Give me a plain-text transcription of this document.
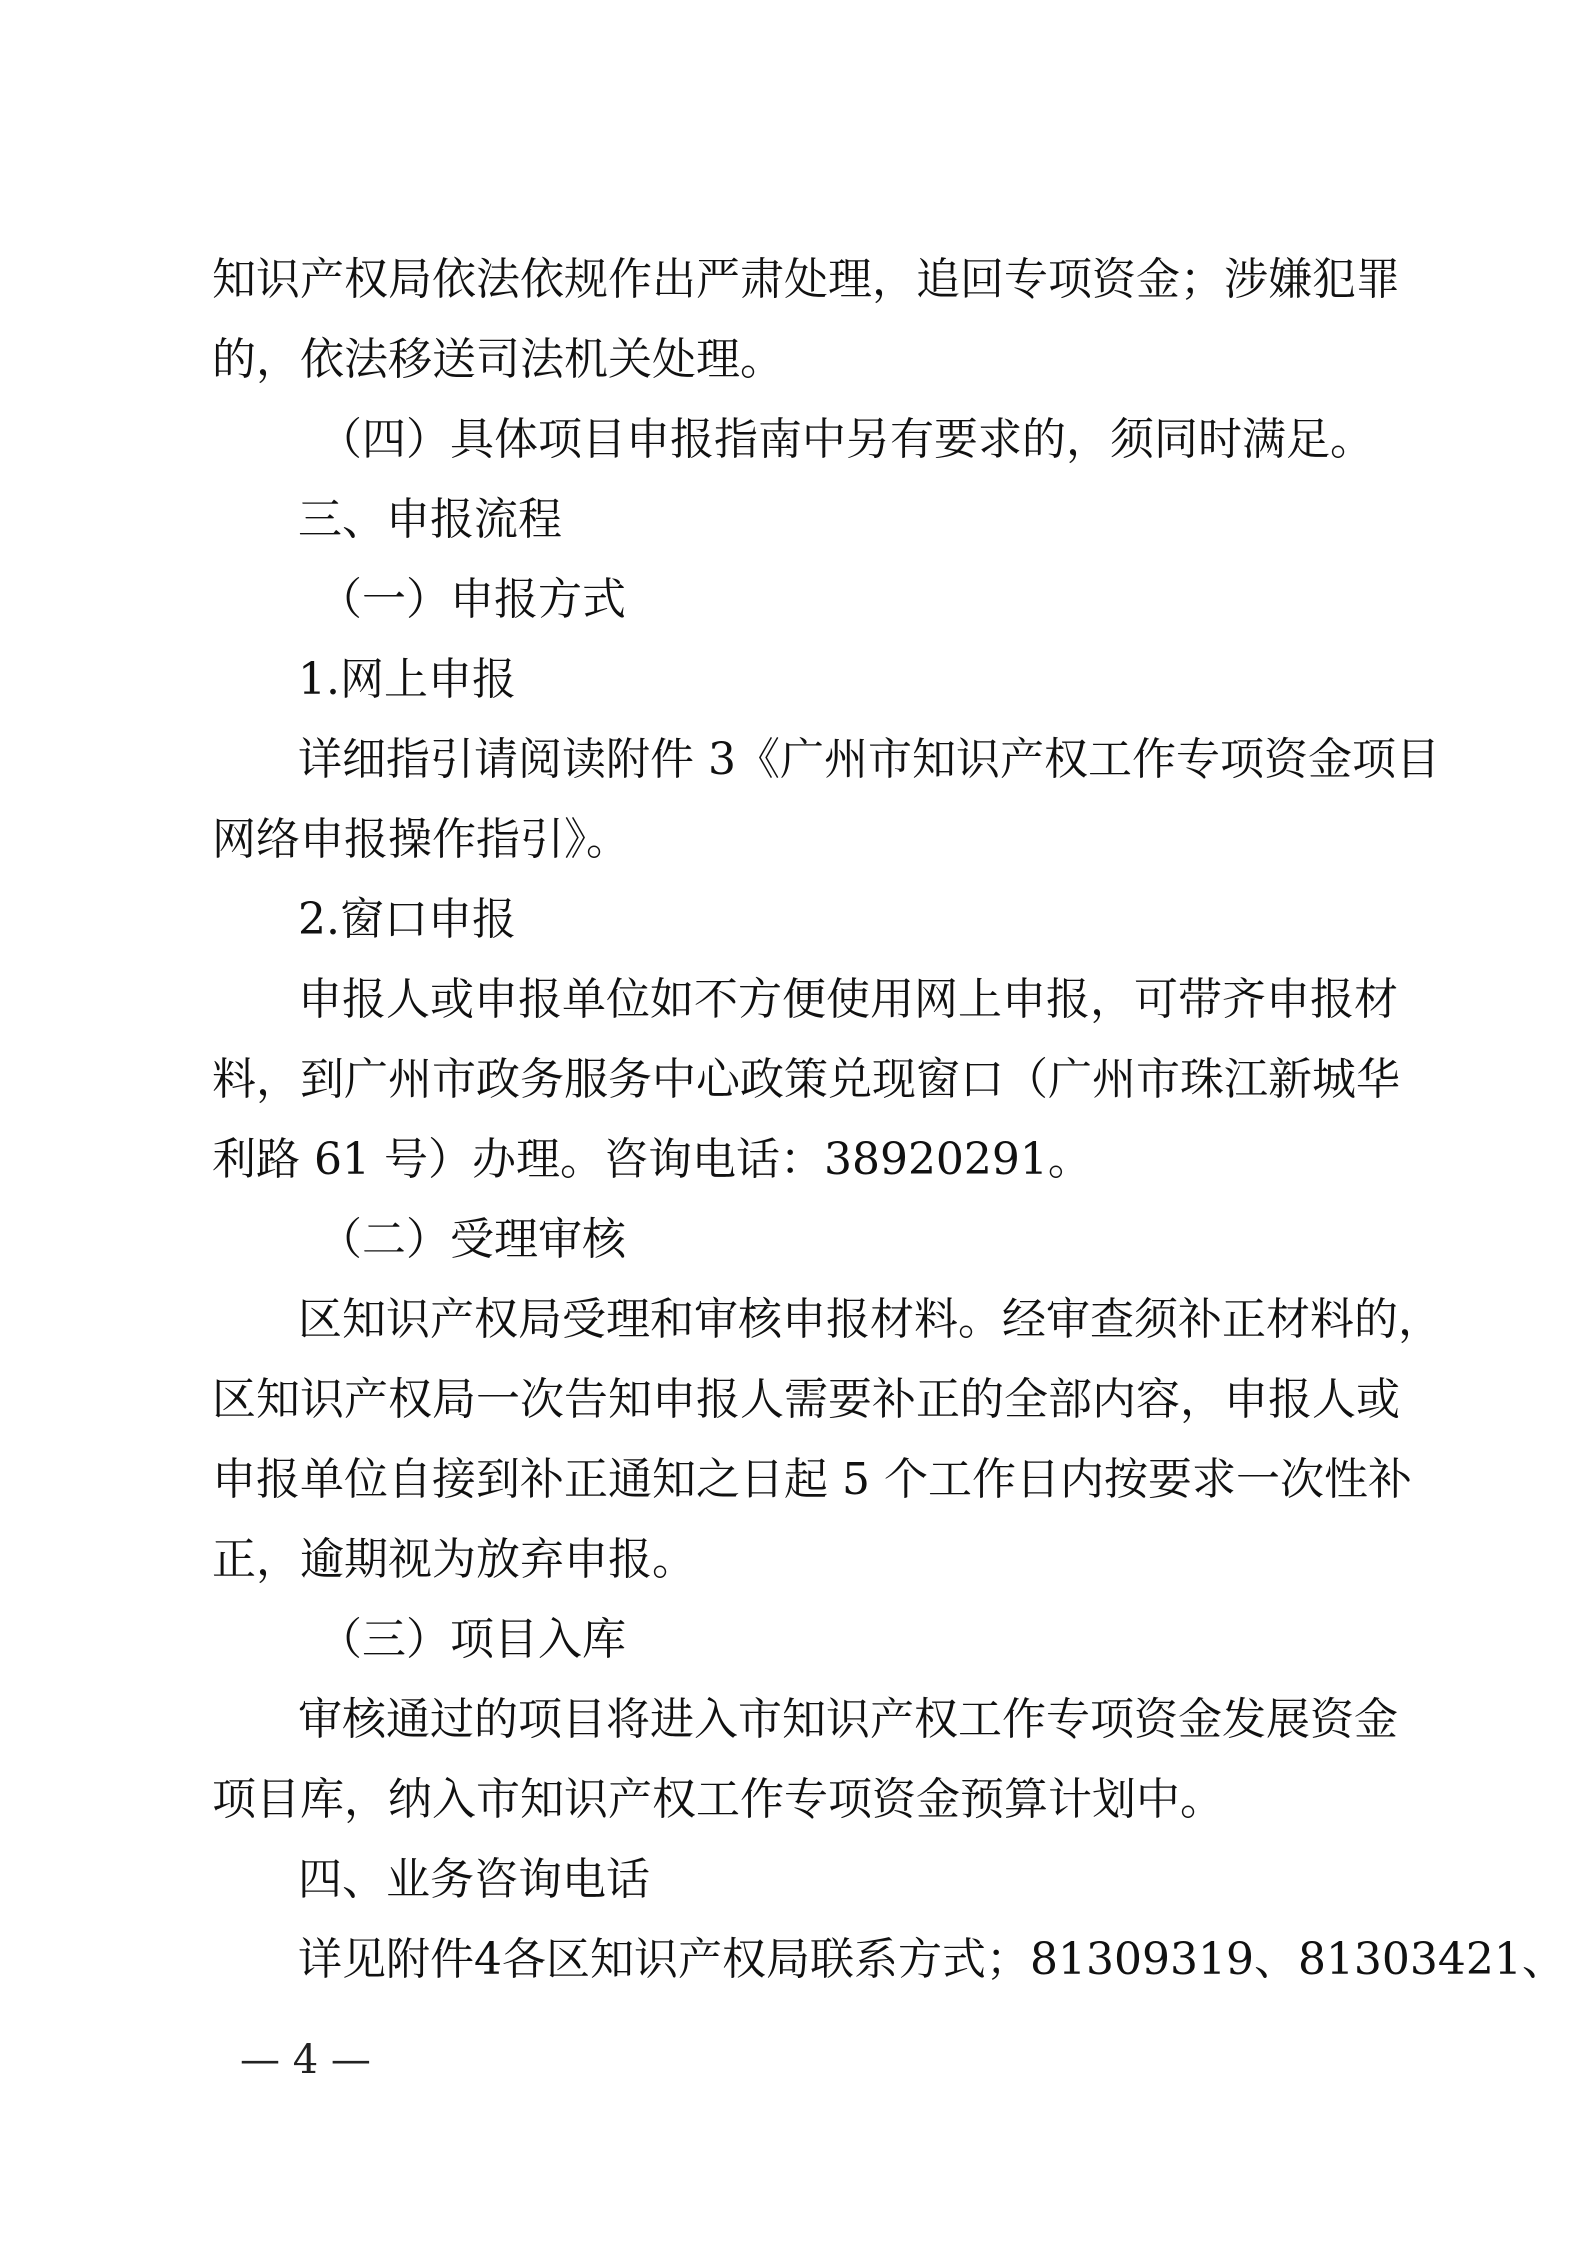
知识产权局依法依规作出严肃处理，追回专项资金；涉嫌犯罪
的，依法移送司法机关处理。
（四）具体项目申报指南中另有要求的，须同时满足。
三、申报流程
（一）申报方式
1.网上申报
详细指引请阅读附件 3《广州市知识产权工作专项资金项目
网络申报操作指引》。
2.窗口申报
申报人或申报单位如不方便使用网上申报，可带齐申报材
料，到广州市政务服务中心政策兑现窗口（广州市珠江新城华
利路 61 号）办理。咨询电话：38920291。
（二）受理审核
区知识产权局受理和审核申报材料。经审查须补正材料的，
区知识产权局一次告知申报人需要补正的全部内容，申报人或
申报单位自接到补正通知之日起 5 个工作日内按要求一次性补
正，逾期视为放弃申报。
（三）项目入库
审核通过的项目将进入市知识产权工作专项资金发展资金
项目库，纳入市知识产权工作专项资金预算计划中。
四、业务咨询电话
详见附件4各区知识产权局联系方式；81309319、81303421、
— 4 —
